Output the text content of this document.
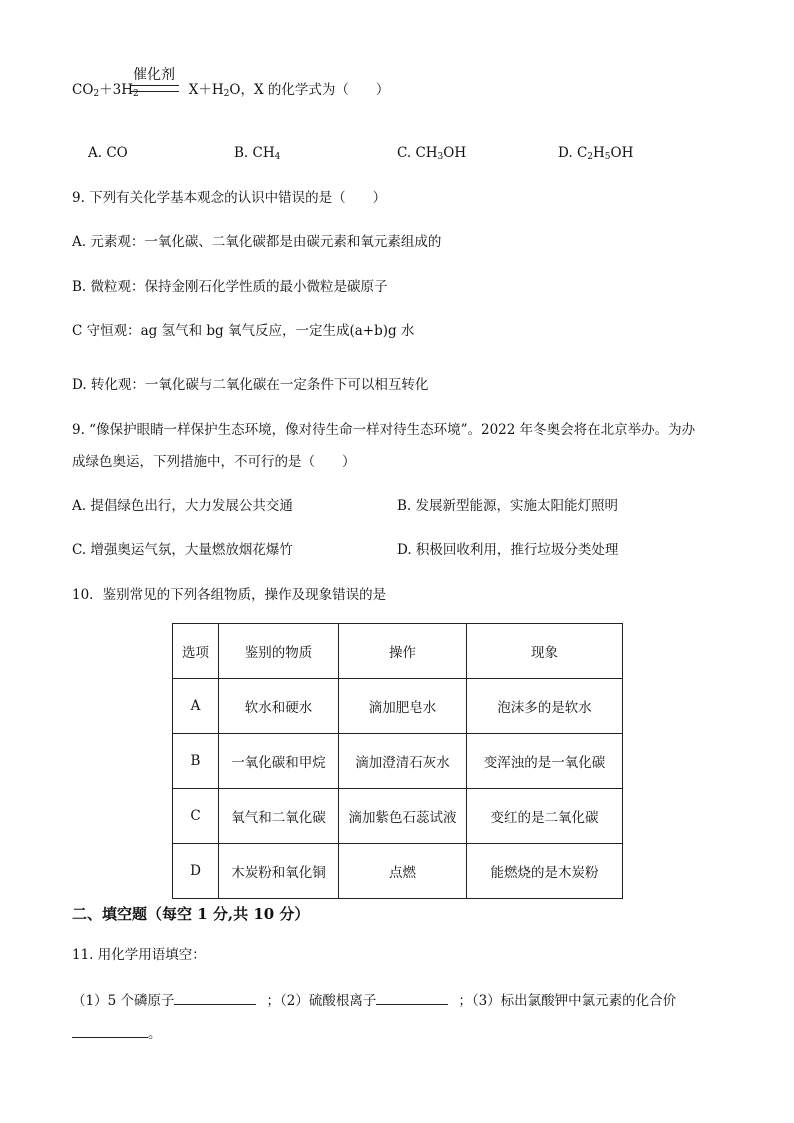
催化剂
$CO_2+3H_2$	$X+H_2O$，X 的化学式为（　　）
A. CO	B. $CH_4$	C. $CH_3OH$	D. $C_2H_5OH$
9. 下列有关化学基本观念的认识中错误的是（　　）
A. 元素观：一氧化碳、二氧化碳都是由碳元素和氧元素组成的
B. 微粒观：保持金刚石化学性质的最小微粒是碳原子
C 守恒观：ag 氢气和 bg 氧气反应，一定生成(a+b)g 水
D. 转化观：一氧化碳与二氧化碳在一定条件下可以相互转化
9. “像保护眼睛一样保护生态环境，像对待生命一样对待生态环境”。2022 年冬奥会将在北京举办。为办
成绿色奥运，下列措施中，不可行的是（　　）
A. 提倡绿色出行，大力发展公共交通	B. 发展新型能源，实施太阳能灯照明
C. 增强奥运气氛，大量燃放烟花爆竹	D. 积极回收利用，推行垃圾分类处理
10．鉴别常见的下列各组物质，操作及现象错误的是
选项	鉴别的物质	操作	现象
A	软水和硬水	滴加肥皂水	泡沫多的是软水
B	一氧化碳和甲烷	滴加澄清石灰水	变浑浊的是一氧化碳
C	氧气和二氧化碳	滴加紫色石蕊试液	变红的是二氧化碳
D	木炭粉和氧化铜	点燃	能燃烧的是木炭粉
二、填空题（每空 1 分,共 10 分）
11. 用化学用语填空：
（1）5 个磷原子	；（2）硫酸根离子	；（3）标出氯酸钾中氯元素的化合价
。
